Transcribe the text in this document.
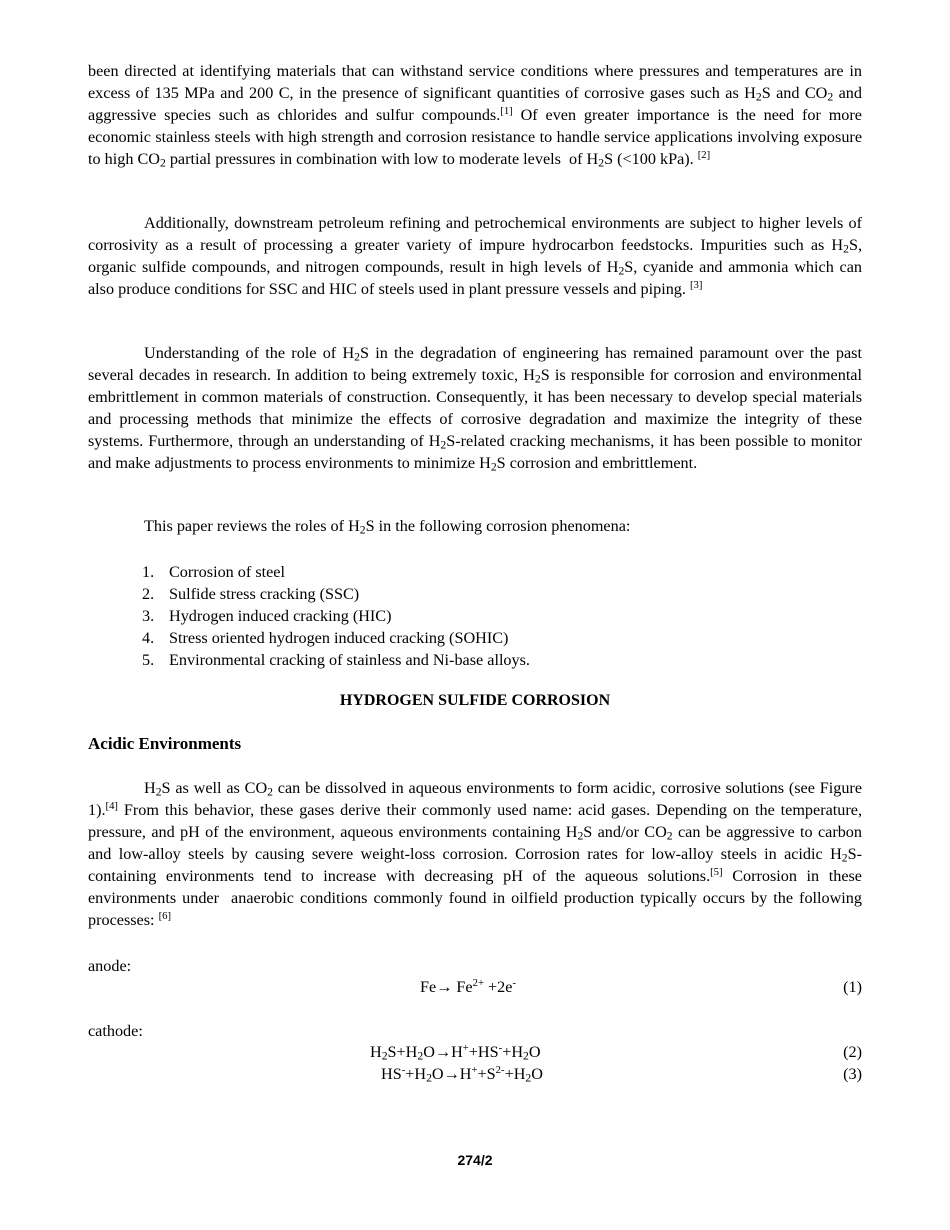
been directed at identifying materials that can withstand service conditions where pressures and temperatures are in excess of 135 MPa and 200 C, in the presence of significant quantities of corrosive gases such as $H_2S$ and $CO_2$ and aggressive species such as chlorides and sulfur compounds.[1] Of even greater importance is the need for more economic stainless steels with high strength and corrosion resistance to handle service applications involving exposure to high $CO_2$ partial pressures in combination with low to moderate levels  of $H_2S$ (<100 kPa). [2]

Additionally, downstream petroleum refining and petrochemical environments are subject to higher levels of corrosivity as a result of processing a greater variety of impure hydrocarbon feedstocks. Impurities such as $H_2S$, organic sulfide compounds, and nitrogen compounds, result in high levels of $H_2S$, cyanide and ammonia which can also produce conditions for SSC and HIC of steels used in plant pressure vessels and piping. [3]

Understanding of the role of $H_2S$ in the degradation of engineering has remained paramount over the past several decades in research. In addition to being extremely toxic, $H_2S$ is responsible for corrosion and environmental embrittlement in common materials of construction. Consequently, it has been necessary to develop special materials and processing methods that minimize the effects of corrosive degradation and maximize the integrity of these systems. Furthermore, through an understanding of $H_2S$-related cracking mechanisms, it has been possible to monitor and make adjustments to process environments to minimize $H_2S$ corrosion and embrittlement.

This paper reviews the roles of $H_2S$ in the following corrosion phenomena:

1. Corrosion of steel
2. Sulfide stress cracking (SSC)
3. Hydrogen induced cracking (HIC)
4. Stress oriented hydrogen induced cracking (SOHIC)
5. Environmental cracking of stainless and Ni-base alloys.

HYDROGEN SULFIDE CORROSION

Acidic Environments

$H_2S$ as well as $CO_2$ can be dissolved in aqueous environments to form acidic, corrosive solutions (see Figure 1).[4] From this behavior, these gases derive their commonly used name: acid gases. Depending on the temperature, pressure, and pH of the environment, aqueous environments containing $H_2S$ and/or $CO_2$ can be aggressive to carbon and low-alloy steels by causing severe weight-loss corrosion. Corrosion rates for low-alloy steels in acidic $H_2S$-containing environments tend to increase with decreasing pH of the aqueous solutions.[5] Corrosion in these environments under  anaerobic conditions commonly found in oilfield production typically occurs by the following processes: [6]

anode:

$Fe\to Fe^{2+} +2e^-$	(1)

cathode:

$H_2S+H_2O\to H^++HS^-+H_2O$	(2)

$HS^-+H_2O\to H^++S^{2-}+H_2O$	(3)

274/2
